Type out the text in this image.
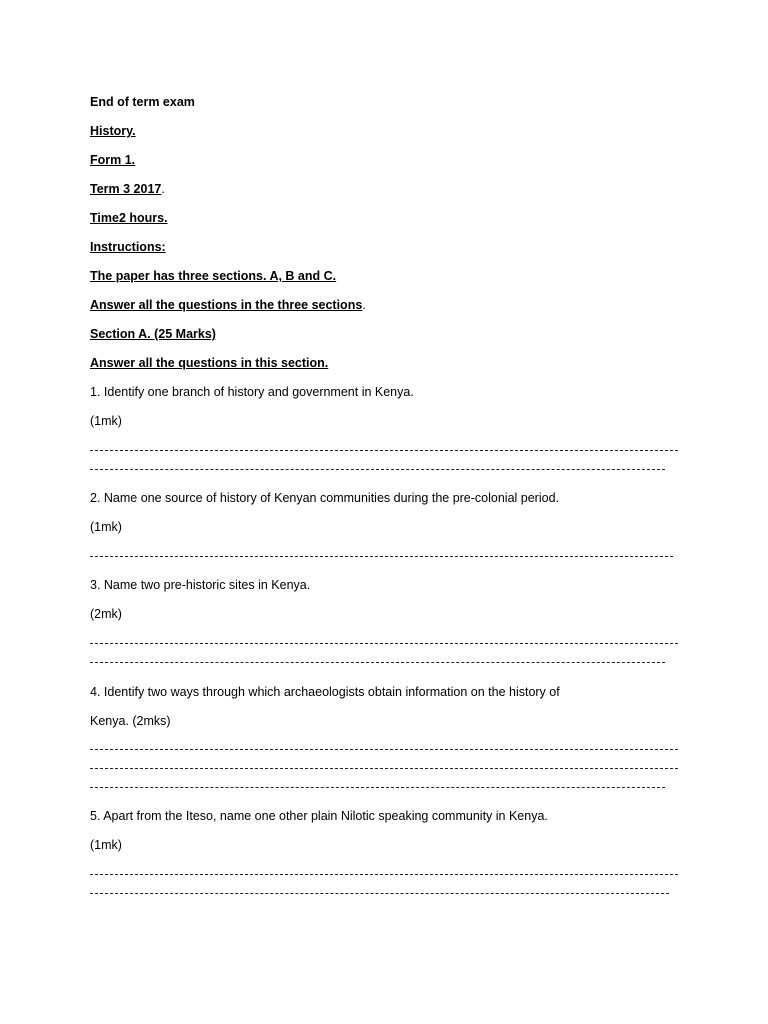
End of term exam
History.
Form 1.
Term 3 2017.
Time2 hours.
Instructions:
The paper has three sections. A, B and C.
Answer all the questions in the three sections.
Section A. (25 Marks)
Answer all the questions in this section.
1. Identify one branch of history and government in Kenya.
(1mk)
2. Name one source of history of Kenyan communities during the pre-colonial period.
(1mk)
3. Name two pre-historic sites in Kenya.
(2mk)
4. Identify two ways through which archaeologists obtain information on the history of
Kenya. (2mks)
5. Apart from the Iteso, name one other plain Nilotic speaking community in Kenya.
(1mk)
